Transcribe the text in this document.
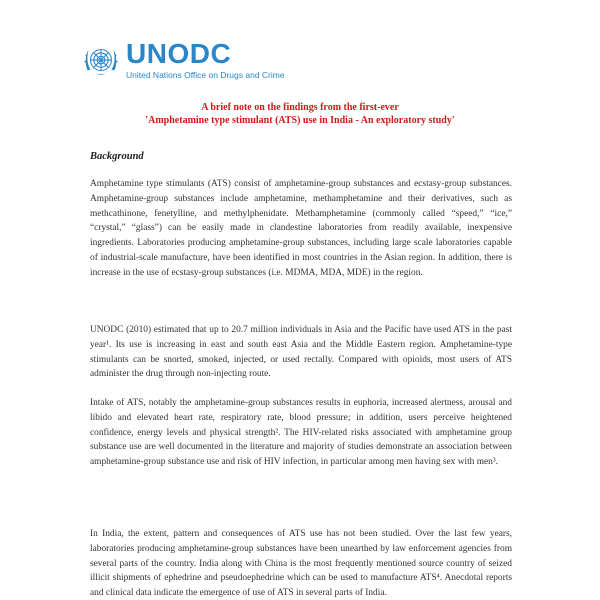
UNODC
United Nations Office on Drugs and Crime
A brief note on the findings from the first-ever
'Amphetamine type stimulant (ATS) use in India - An exploratory study'
Background

Amphetamine type stimulants (ATS) consist of amphetamine-group substances and ecstasy-group substances. Amphetamine-group substances include amphetamine, methamphetamine and their derivatives, such as methcathinone, fenetylline, and methylphenidate. Methamphetamine (commonly called “speed,” “ice,” “crystal,” “glass”) can be easily made in clandestine laboratories from readily available, inexpensive ingredients. Laboratories producing amphetamine-group substances, including large scale laboratories capable of industrial-scale manufacture, have been identified in most countries in the Asian region. In addition, there is increase in the use of ecstasy-group substances (i.e. MDMA, MDA, MDE) in the region.

UNODC (2010) estimated that up to 20.7 million individuals in Asia and the Pacific have used ATS in the past year¹. Its use is increasing in east and south east Asia and the Middle Eastern region. Amphetamine-type stimulants can be snorted, smoked, injected, or used rectally. Compared with opioids, most users of ATS administer the drug through non-injecting route.

Intake of ATS, notably the amphetamine-group substances results in euphoria, increased alertness, arousal and libido and elevated heart rate, respiratory rate, blood pressure; in addition, users perceive heightened confidence, energy levels and physical strength². The HIV-related risks associated with amphetamine group substance use are well documented in the literature and majority of studies demonstrate an association between amphetamine-group substance use and risk of HIV infection, in particular among men having sex with men³.

In India, the extent, pattern and consequences of ATS use has not been studied. Over the last few years, laboratories producing amphetamine-group substances have been unearthed by law enforcement agencies from several parts of the country. India along with China is the most frequently mentioned source country of seized illicit shipments of ephedrine and pseudoephedrine which can be used to manufacture ATS⁴. Anecdotal reports and clinical data indicate the emergence of use of ATS in several parts of India.
